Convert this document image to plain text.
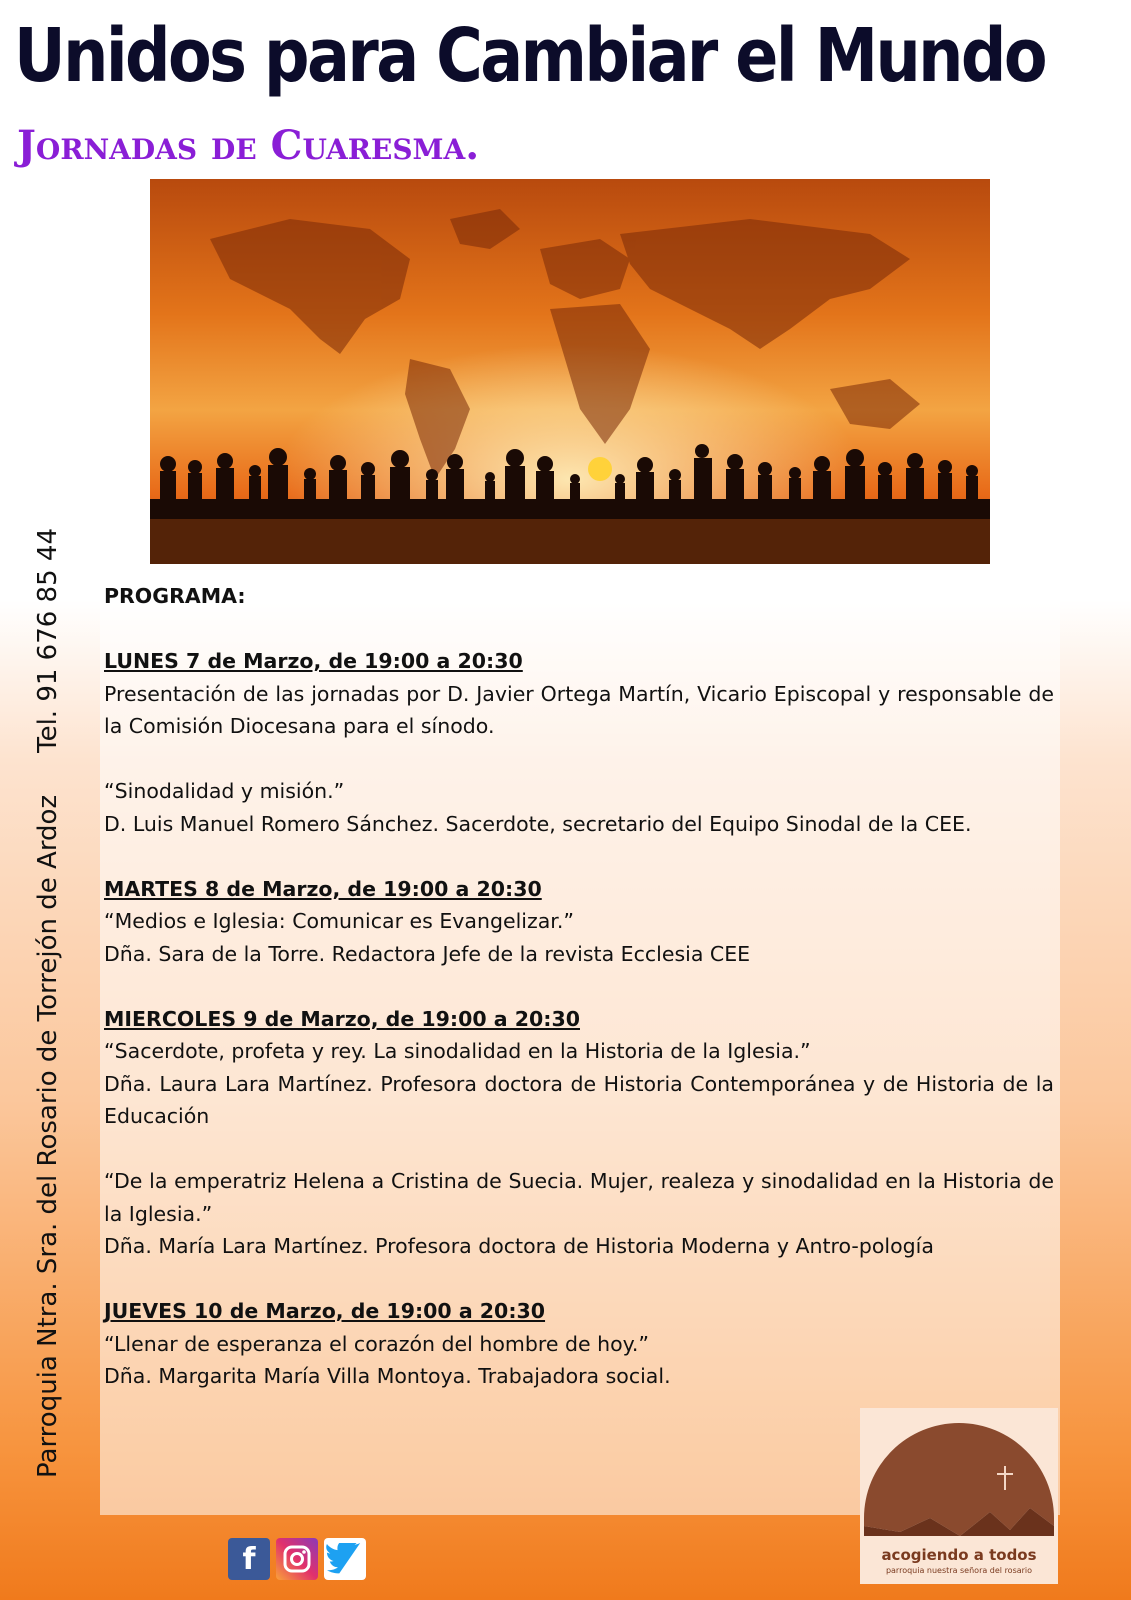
Unidos para Cambiar el Mundo
Jornadas de Cuaresma.
Parroquia Ntra. Sra. del Rosario de Torrejón de ArdozTel. 91 676 85 44 PROGRAMA:

LUNES 7 de Marzo, de 19:00 a 20:30

Presentación de las jornadas por D. Javier Ortega Martín, Vicario Episcopal y responsable de la Comisión Diocesana para el sínodo.

“Sinodalidad y misión.”

D. Luis Manuel Romero Sánchez. Sacerdote, secretario del Equipo Sinodal de la CEE.

MARTES 8 de Marzo, de 19:00 a 20:30

“Medios e Iglesia: Comunicar es Evangelizar.”

Dña. Sara de la Torre. Redactora Jefe de la revista Ecclesia CEE

MIERCOLES 9 de Marzo, de 19:00 a 20:30

“Sacerdote, profeta y rey. La sinodalidad en la Historia de la Iglesia.”

Dña. Laura Lara Martínez. Profesora doctora de Historia Contemporánea y de Historia de la Educación

“De la emperatriz Helena a Cristina de Suecia. Mujer, realeza y sinodalidad en la Historia de la Iglesia.”

Dña. María Lara Martínez. Profesora doctora de Historia Moderna y Antro-pología

JUEVES 10 de Marzo, de 19:00 a 20:30

“Llenar de esperanza el corazón del hombre de hoy.”

Dña. Margarita María Villa Montoya. Trabajadora social.

f	acogiendo a todos
parroquia nuestra señora del rosario
